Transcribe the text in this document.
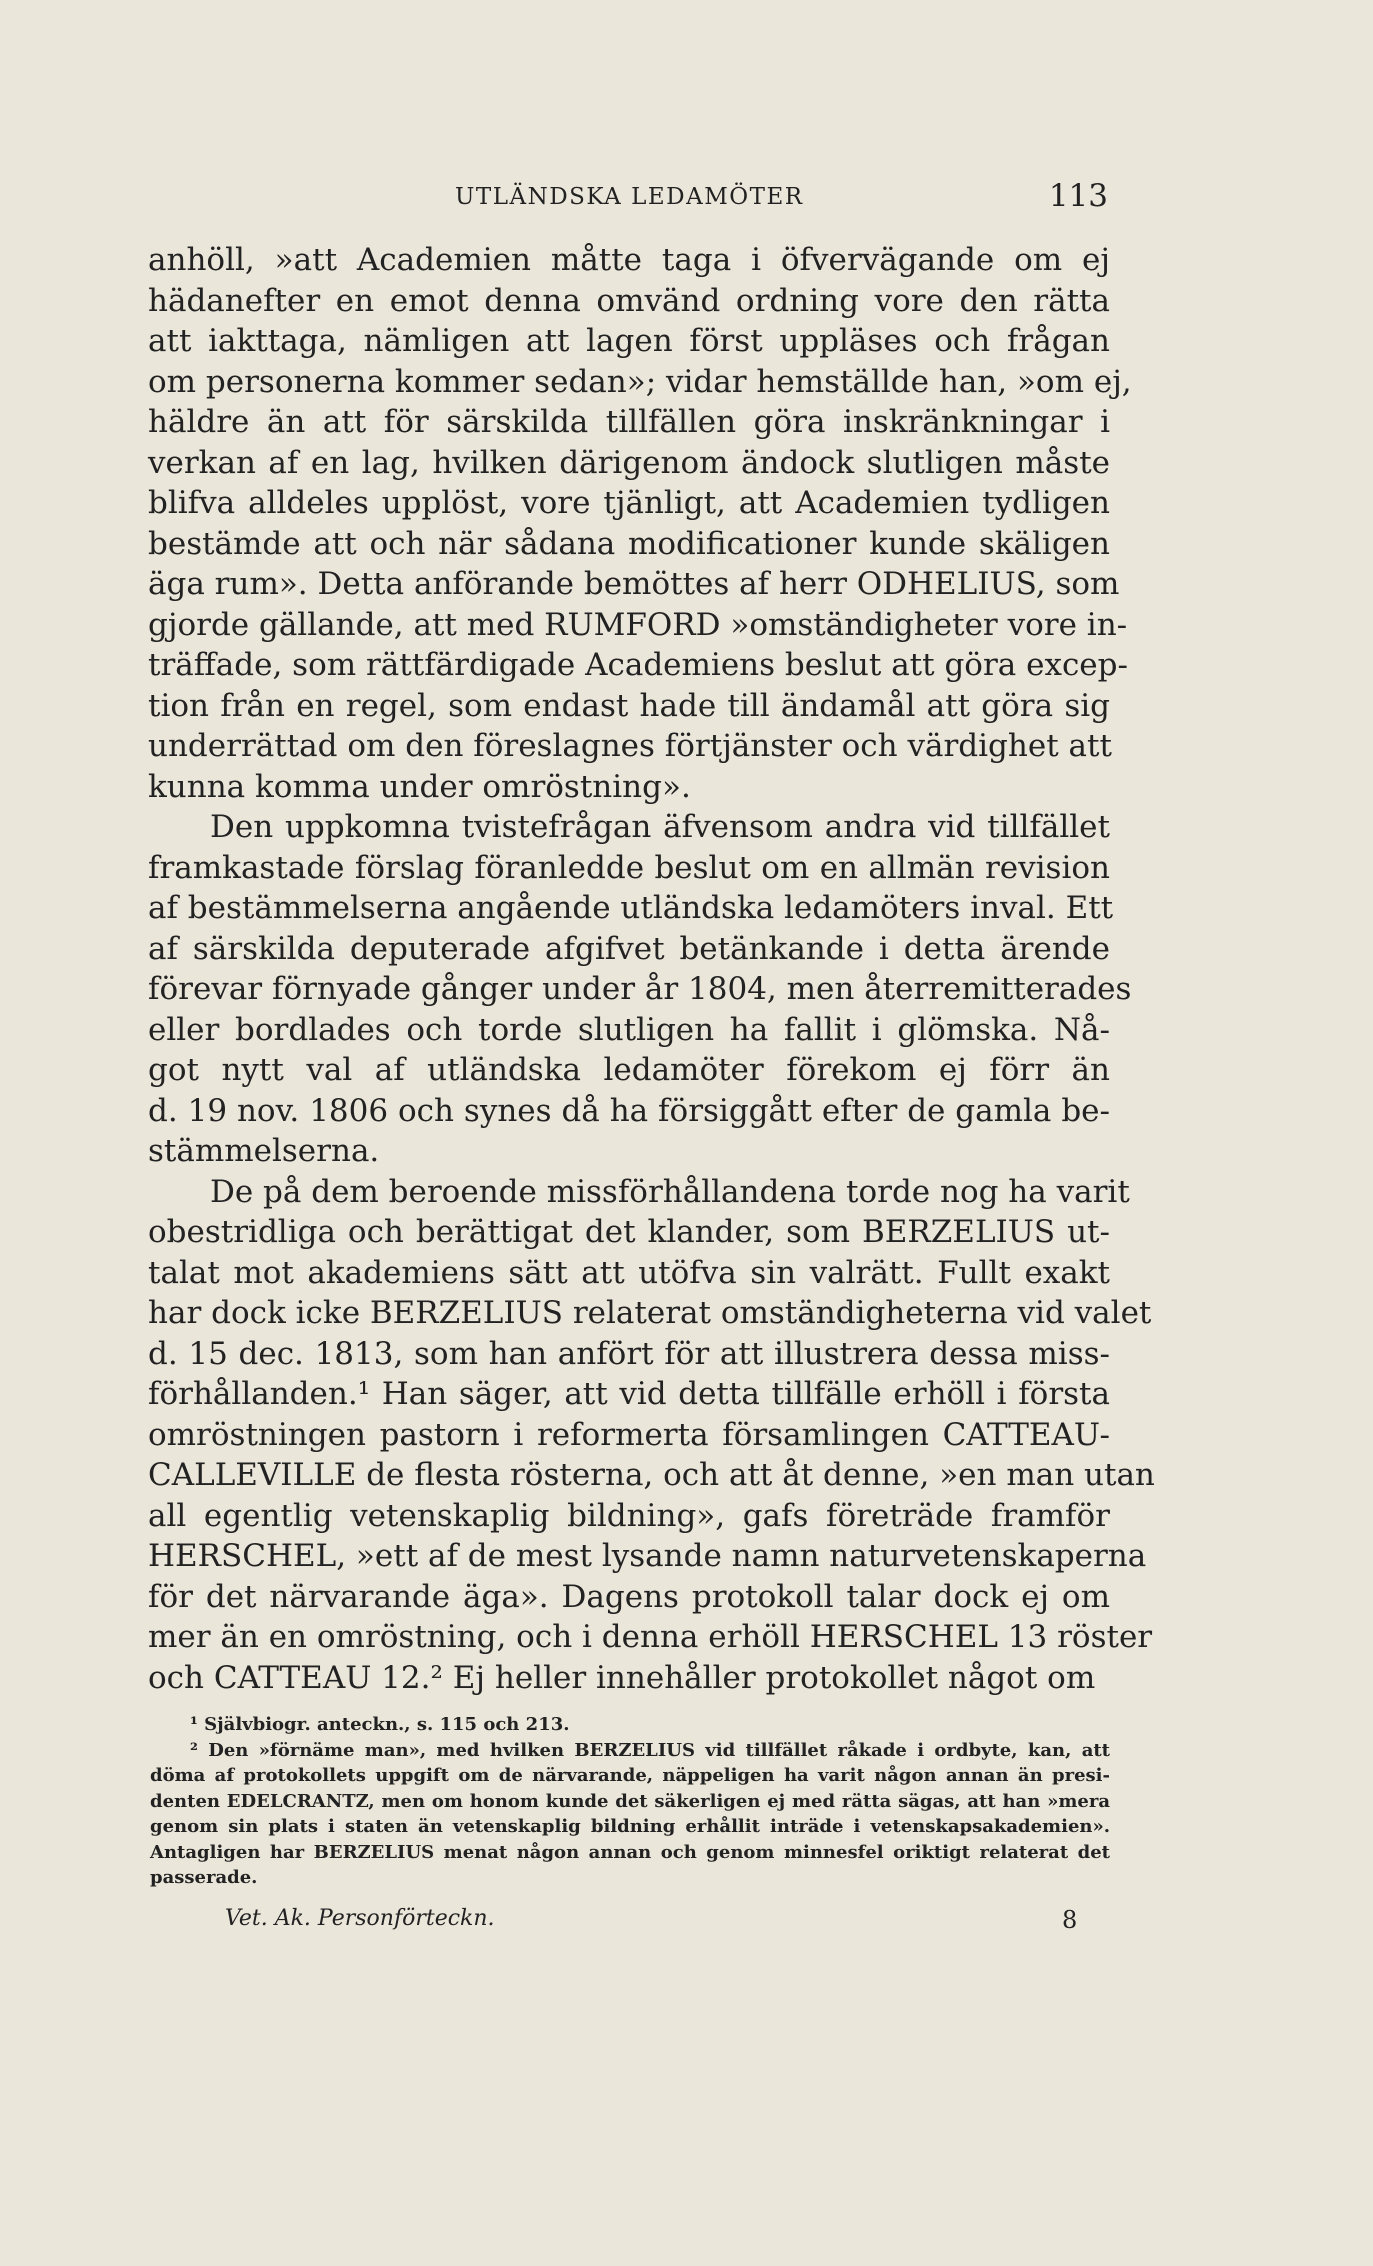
UTLÄNDSKA LEDAMÖTER	113
anhöll, »att Academien måtte taga i öfvervägande om ej
hädanefter en emot denna omvänd ordning vore den rätta
att iakttaga, nämligen att lagen först uppläses och frågan
om personerna kommer sedan»; vidar hemställde han, »om ej,
häldre än att för särskilda tillfällen göra inskränkningar i
verkan af en lag, hvilken därigenom ändock slutligen måste
blifva alldeles upplöst, vore tjänligt, att Academien tydligen
bestämde att och när sådana modificationer kunde skäligen
äga rum». Detta anförande bemöttes af herr ODHELIUS, som
gjorde gällande, att med RUMFORD »omständigheter vore in-
träffade, som rättfärdigade Academiens beslut att göra excep-
tion från en regel, som endast hade till ändamål att göra sig
underrättad om den föreslagnes förtjänster och värdighet att
kunna komma under omröstning».
Den uppkomna tvistefrågan äfvensom andra vid tillfället
framkastade förslag föranledde beslut om en allmän revision
af bestämmelserna angående utländska ledamöters inval. Ett
af särskilda deputerade afgifvet betänkande i detta ärende
förevar förnyade gånger under år 1804, men återremitterades
eller bordlades och torde slutligen ha fallit i glömska. Nå-
got nytt val af utländska ledamöter förekom ej förr än
d. 19 nov. 1806 och synes då ha försiggått efter de gamla be-
stämmelserna.
De på dem beroende missförhållandena torde nog ha varit
obestridliga och berättigat det klander, som BERZELIUS ut-
talat mot akademiens sätt att utöfva sin valrätt. Fullt exakt
har dock icke BERZELIUS relaterat omständigheterna vid valet
d. 15 dec. 1813, som han anfört för att illustrera dessa miss-
förhållanden.¹ Han säger, att vid detta tillfälle erhöll i första
omröstningen pastorn i reformerta församlingen CATTEAU-
CALLEVILLE de flesta rösterna, och att åt denne, »en man utan
all egentlig vetenskaplig bildning», gafs företräde framför
HERSCHEL, »ett af de mest lysande namn naturvetenskaperna
för det närvarande äga». Dagens protokoll talar dock ej om
mer än en omröstning, och i denna erhöll HERSCHEL 13 röster
och CATTEAU 12.² Ej heller innehåller protokollet något om
¹ Självbiogr. anteckn., s. 115 och 213.
² Den »förnäme man», med hvilken BERZELIUS vid tillfället råkade i ordbyte, kan, att
döma af protokollets uppgift om de närvarande, näppeligen ha varit någon annan än presi-
denten EDELCRANTZ, men om honom kunde det säkerligen ej med rätta sägas, att han »mera
genom sin plats i staten än vetenskaplig bildning erhållit inträde i vetenskapsakademien».
Antagligen har BERZELIUS menat någon annan och genom minnesfel oriktigt relaterat det
passerade.
Vet. Ak. Personförteckn.	8
